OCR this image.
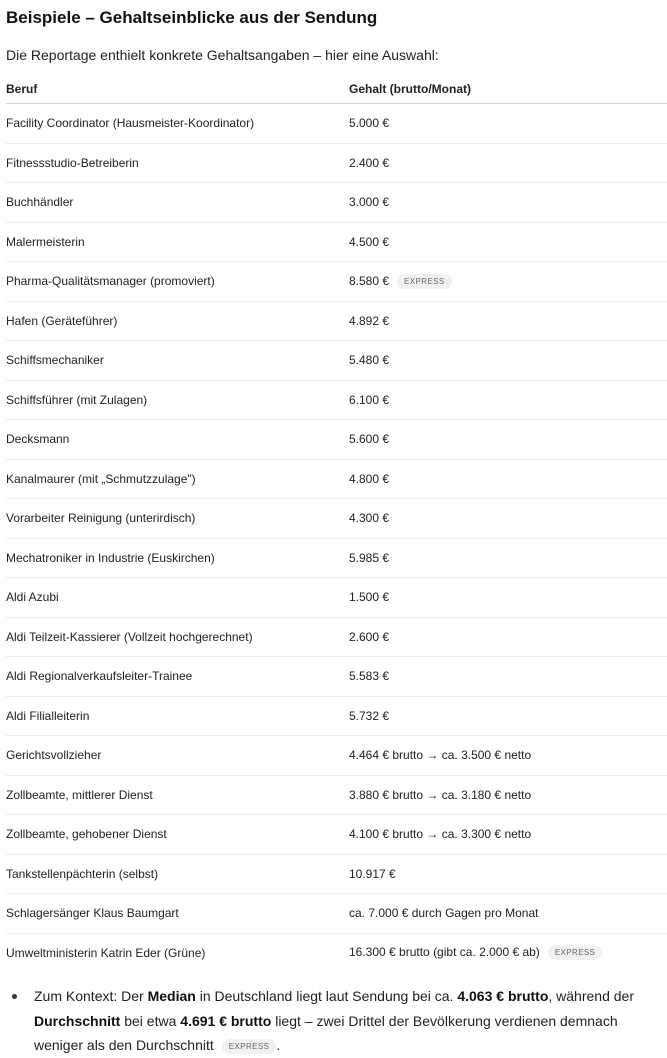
Beispiele – Gehaltseinblicke aus der Sendung

Die Reportage enthielt konkrete Gehaltsangaben – hier eine Auswahl:

Beruf	Gehalt (brutto/Monat)
Facility Coordinator (Hausmeister-Koordinator)	5.000 €
Fitnessstudio-Betreiberin	2.400 €
Buchhändler	3.000 €
Malermeisterin	4.500 €
Pharma-Qualitätsmanager (promoviert)	8.580 € EXPRESS
Hafen (Geräteführer)	4.892 €
Schiffsmechaniker	5.480 €
Schiffsführer (mit Zulagen)	6.100 €
Decksmann	5.600 €
Kanalmaurer (mit „Schmutzzulage")	4.800 €
Vorarbeiter Reinigung (unterirdisch)	4.300 €
Mechatroniker in Industrie (Euskirchen)	5.985 €
Aldi Azubi	1.500 €
Aldi Teilzeit-Kassierer (Vollzeit hochgerechnet)	2.600 €
Aldi Regionalverkaufsleiter-Trainee	5.583 €
Aldi Filialleiterin	5.732 €
Gerichtsvollzieher	4.464 € brutto → ca. 3.500 € netto
Zollbeamte, mittlerer Dienst	3.880 € brutto → ca. 3.180 € netto
Zollbeamte, gehobener Dienst	4.100 € brutto → ca. 3.300 € netto
Tankstellenpächterin (selbst)	10.917 €
Schlagersänger Klaus Baumgart	ca. 7.000 € durch Gagen pro Monat
Umweltministerin Katrin Eder (Grüne)	16.300 € brutto (gibt ca. 2.000 € ab) EXPRESS
Zum Kontext: Der Median in Deutschland liegt laut Sendung bei ca. 4.063 € brutto, während der Durchschnitt bei etwa 4.691 € brutto liegt – zwei Drittel der Bevölkerung verdienen demnach weniger als den Durchschnitt EXPRESS .
